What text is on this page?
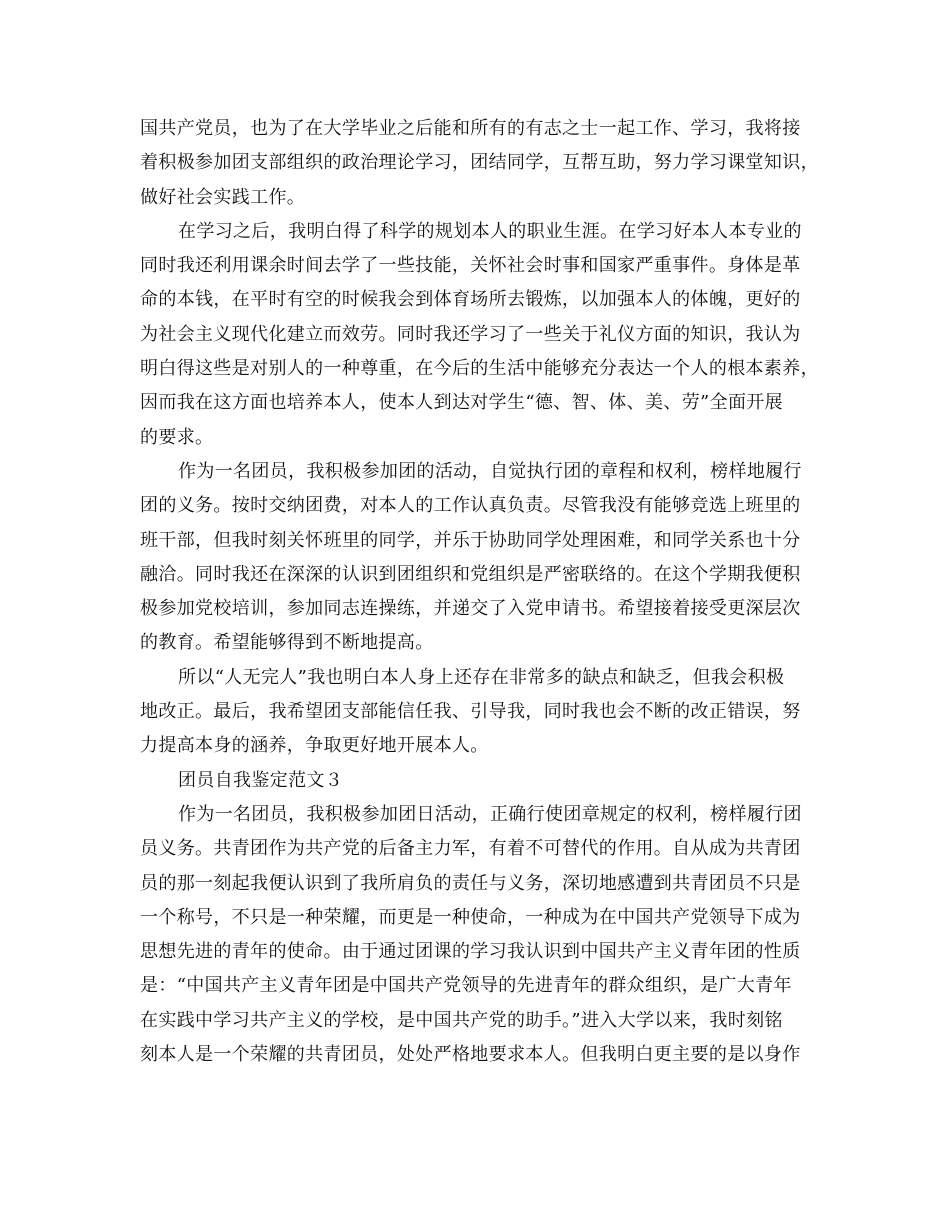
国共产党员，也为了在大学毕业之后能和所有的有志之士一起工作、学习，我将接
着积极参加团支部组织的政治理论学习，团结同学，互帮互助，努力学习课堂知识，
做好社会实践工作。
在学习之后，我明白得了科学的规划本人的职业生涯。在学习好本人本专业的
同时我还利用课余时间去学了一些技能，关怀社会时事和国家严重事件。身体是革
命的本钱，在平时有空的时候我会到体育场所去锻炼，以加强本人的体魄，更好的
为社会主义现代化建立而效劳。同时我还学习了一些关于礼仪方面的知识，我认为
明白得这些是对别人的一种尊重，在今后的生活中能够充分表达一个人的根本素养，
因而我在这方面也培养本人，使本人到达对学生“德、智、体、美、劳”全面开展
的要求。
作为一名团员，我积极参加团的活动，自觉执行团的章程和权利，榜样地履行
团的义务。按时交纳团费，对本人的工作认真负责。尽管我没有能够竞选上班里的
班干部，但我时刻关怀班里的同学，并乐于协助同学处理困难，和同学关系也十分
融洽。同时我还在深深的认识到团组织和党组织是严密联络的。在这个学期我便积
极参加党校培训，参加同志连操练，并递交了入党申请书。希望接着接受更深层次
的教育。希望能够得到不断地提高。
所以“人无完人”我也明白本人身上还存在非常多的缺点和缺乏，但我会积极
地改正。最后，我希望团支部能信任我、引导我，同时我也会不断的改正错误，努
力提高本身的涵养，争取更好地开展本人。
团员自我鉴定范文３
作为一名团员，我积极参加团日活动，正确行使团章规定的权利，榜样履行团
员义务。共青团作为共产党的后备主力军，有着不可替代的作用。自从成为共青团
员的那一刻起我便认识到了我所肩负的责任与义务，深切地感遭到共青团员不只是
一个称号，不只是一种荣耀，而更是一种使命，一种成为在中国共产党领导下成为
思想先进的青年的使命。由于通过团课的学习我认识到中国共产主义青年团的性质
是：“中国共产主义青年团是中国共产党领导的先进青年的群众组织，是广大青年
在实践中学习共产主义的学校，是中国共产党的助手。”进入大学以来，我时刻铭
刻本人是一个荣耀的共青团员，处处严格地要求本人。但我明白更主要的是以身作
